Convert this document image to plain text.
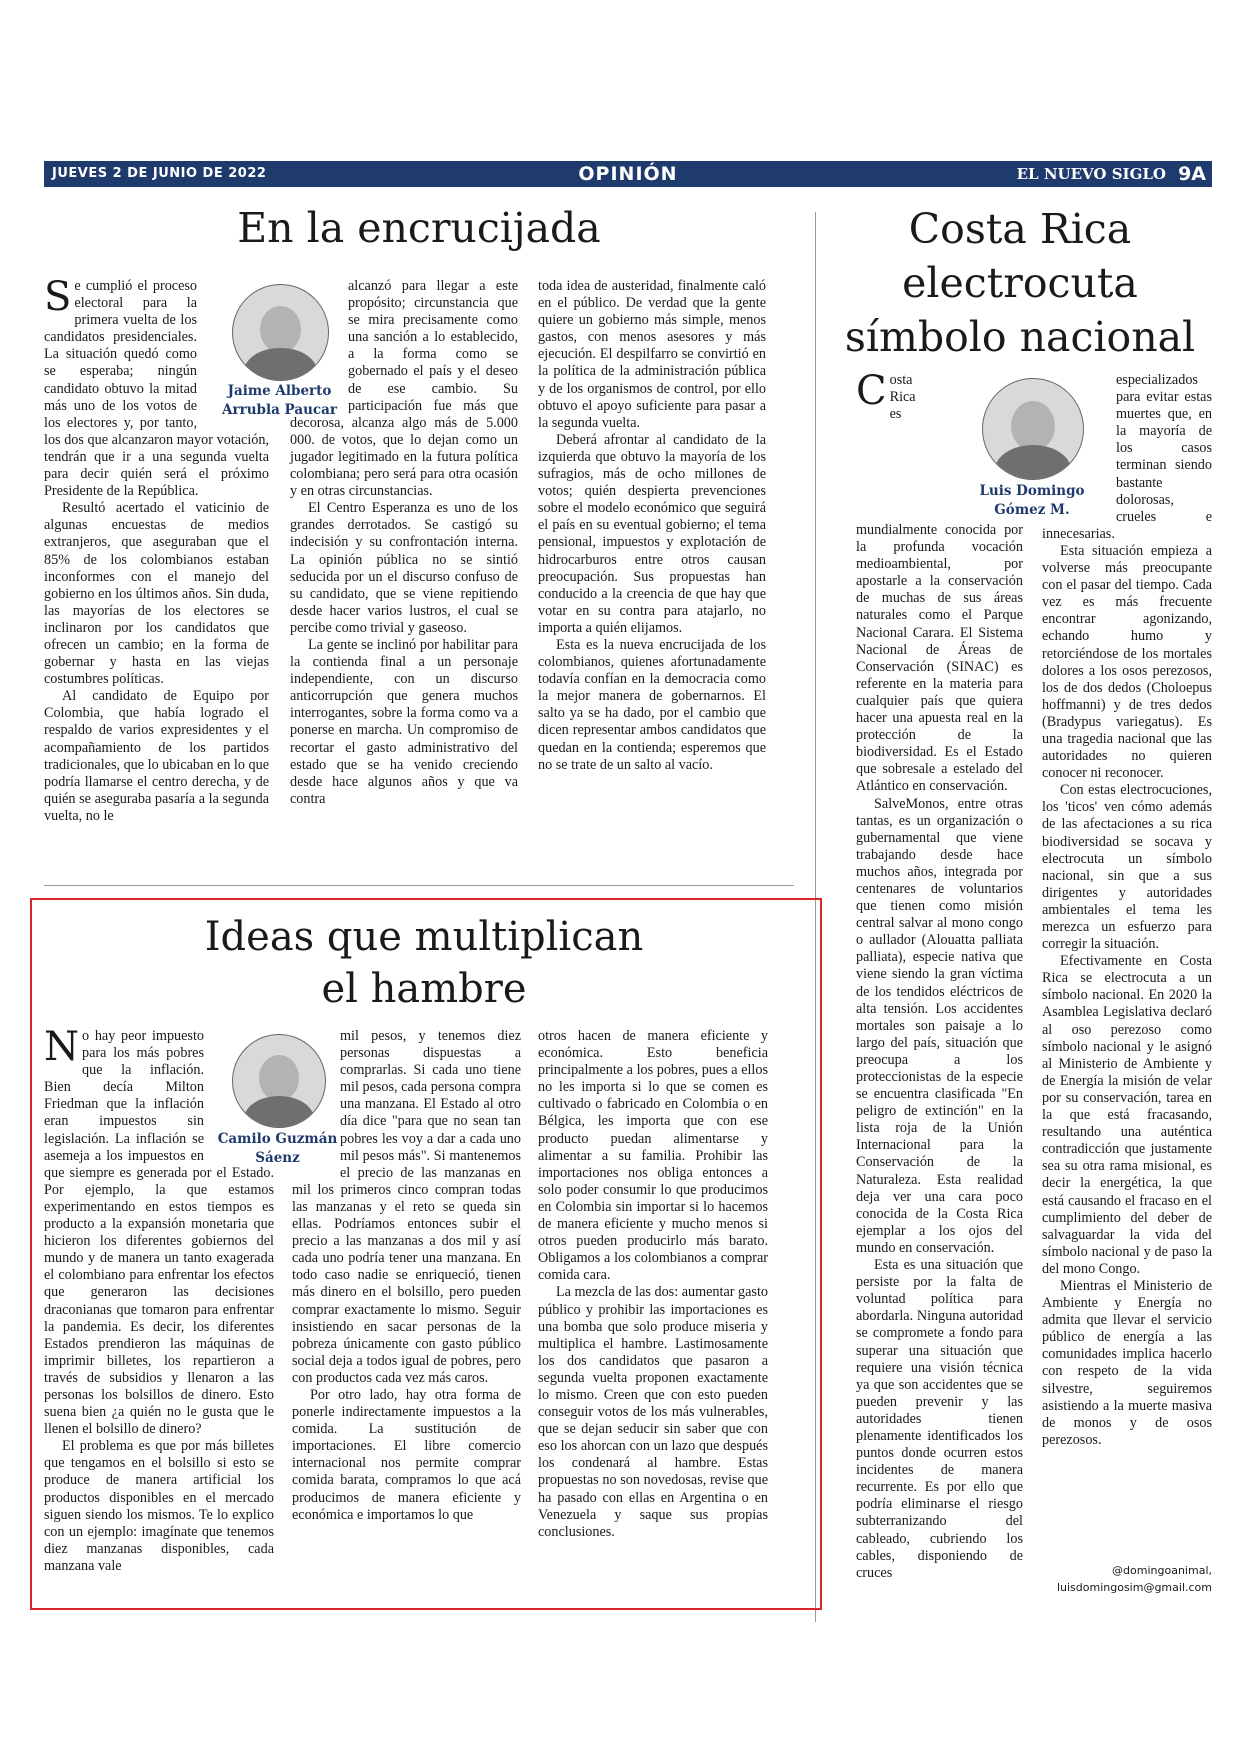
JUEVES 2 DE JUNIO DE 2022	OPINIÓN	EL NUEVO SIGLO 9A
En la encrucijada

Se cumplió el proceso electoral para la primera vuelta de los candidatos presidenciales. La situación quedó como se esperaba; ningún candidato obtuvo la mitad más uno de los votos de los electores y, por tanto, los dos que alcanzaron mayor votación, tendrán que ir a una segunda vuelta para decir quién será el próximo Presidente de la República.

Resultó acertado el vaticinio de algunas encuestas de medios extranjeros, que aseguraban que el 85% de los colombianos estaban inconformes con el manejo del gobierno en los últimos años. Sin duda, las mayorías de los electores se inclinaron por los candidatos que ofrecen un cambio; en la forma de gobernar y hasta en las viejas costumbres políticas.

Al candidato de Equipo por Colombia, que había logrado el respaldo de varios expresidentes y el acompañamiento de los partidos tradicionales, que lo ubicaban en lo que podría llamarse el centro derecha, y de quién se aseguraba pasaría a la segunda vuelta, no le

Jaime Alberto Arrubla Paucar

alcanzó para llegar a este propósito; circunstancia que se mira precisamente como una sanción a lo establecido, a la forma como se gobernado el país y el deseo de ese cambio. Su participación fue más que decorosa, alcanza algo más de 5.000 000. de votos, que lo dejan como un jugador legitimado en la futura política colombiana; pero será para otra ocasión y en otras circunstancias.

El Centro Esperanza es uno de los grandes derrotados. Se castigó su indecisión y su confrontación interna. La opinión pública no se sintió seducida por un el discurso confuso de su candidato, que se viene repitiendo desde hacer varios lustros, el cual se percibe como trivial y gaseoso.

La gente se inclinó por habilitar para la contienda final a un personaje independiente, con un discurso anticorrupción que genera muchos interrogantes, sobre la forma como va a ponerse en marcha. Un compromiso de recortar el gasto administrativo del estado que se ha venido creciendo desde hace algunos años y que va contra

toda idea de austeridad, finalmente caló en el público. De verdad que la gente quiere un gobierno más simple, menos gastos, con menos asesores y más ejecución. El despilfarro se convirtió en la política de la administración pública y de los organismos de control, por ello obtuvo el apoyo suficiente para pasar a la segunda vuelta.

Deberá afrontar al candidato de la izquierda que obtuvo la mayoría de los sufragios, más de ocho millones de votos; quién despierta prevenciones sobre el modelo económico que seguirá el país en su eventual gobierno; el tema pensional, impuestos y explotación de hidrocarburos entre otros causan preocupación. Sus propuestas han conducido a la creencia de que hay que votar en su contra para atajarlo, no importa a quién elijamos.

Esta es la nueva encrucijada de los colombianos, quienes afortunadamente todavía confían en la democracia como la mejor manera de gobernarnos. El salto ya se ha dado, por el cambio que dicen representar ambos candidatos que quedan en la contienda; esperemos que no se trate de un salto al vacío.

Ideas que multiplican
el hambre

No hay peor impuesto para los más pobres que la inflación. Bien decía Milton Friedman que la inflación eran impuestos sin legislación. La inflación se asemeja a los impuestos en que siempre es generada por el Estado. Por ejemplo, la que estamos experimentando en estos tiempos es producto a la expansión monetaria que hicieron los diferentes gobiernos del mundo y de manera un tanto exagerada el colombiano para enfrentar los efectos que generaron las decisiones draconianas que tomaron para enfrentar la pandemia. Es decir, los diferentes Estados prendieron las máquinas de imprimir billetes, los repartieron a través de subsidios y llenaron a las personas los bolsillos de dinero. Esto suena bien ¿a quién no le gusta que le llenen el bolsillo de dinero?

El problema es que por más billetes que tengamos en el bolsillo si esto se produce de manera artificial los productos disponibles en el mercado siguen siendo los mismos. Te lo explico con un ejemplo: imagínate que tenemos diez manzanas disponibles, cada manzana vale

Camilo Guzmán Sáenz

mil pesos, y tenemos diez personas dispuestas a comprarlas. Si cada uno tiene mil pesos, cada persona compra una manzana. El Estado al otro día dice "para que no sean tan pobres les voy a dar a cada uno mil pesos más". Si mantenemos el precio de las manzanas en mil los primeros cinco compran todas las manzanas y el reto se queda sin ellas. Podríamos entonces subir el precio a las manzanas a dos mil y así cada uno podría tener una manzana. En todo caso nadie se enriqueció, tienen más dinero en el bolsillo, pero pueden comprar exactamente lo mismo. Seguir insistiendo en sacar personas de la pobreza únicamente con gasto público social deja a todos igual de pobres, pero con productos cada vez más caros.

Por otro lado, hay otra forma de ponerle indirectamente impuestos a la comida. La sustitución de importaciones. El libre comercio internacional nos permite comprar comida barata, compramos lo que acá producimos de manera eficiente y económica e importamos lo que

otros hacen de manera eficiente y económica. Esto beneficia principalmente a los pobres, pues a ellos no les importa si lo que se comen es cultivado o fabricado en Colombia o en Bélgica, les importa que con ese producto puedan alimentarse y alimentar a su familia. Prohibir las importaciones nos obliga entonces a solo poder consumir lo que producimos en Colombia sin importar si lo hacemos de manera eficiente y mucho menos si otros pueden producirlo más barato. Obligamos a los colombianos a comprar comida cara.

La mezcla de las dos: aumentar gasto público y prohibir las importaciones es una bomba que solo produce miseria y multiplica el hambre. Lastimosamente los dos candidatos que pasaron a segunda vuelta proponen exactamente lo mismo. Creen que con esto pueden conseguir votos de los más vulnerables, que se dejan seducir sin saber que con eso los ahorcan con un lazo que después los condenará al hambre. Estas propuestas no son novedosas, revise que ha pasado con ellas en Argentina o en Venezuela y saque sus propias conclusiones.

Costa Rica
electrocuta
símbolo nacional

Costa Rica es mundialmente conocida por la profunda vocación medioambiental, por apostarle a la conservación de muchas de sus áreas naturales como el Parque Nacional Carara. El Sistema Nacional de Áreas de Conservación (SINAC) es referente en la materia para cualquier país que quiera hacer una apuesta real en la protección de la biodiversidad. Es el Estado que sobresale a estelado del Atlántico en conservación.

SalveMonos, entre otras tantas, es un organización o gubernamental que viene trabajando desde hace muchos años, integrada por centenares de voluntarios que tienen como misión central salvar al mono congo o aullador (Alouatta palliata palliata), especie nativa que viene siendo la gran víctima de los tendidos eléctricos de alta tensión. Los accidentes mortales son paisaje a lo largo del país, situación que preocupa a los proteccionistas de la especie se encuentra clasificada "En peligro de extinción" en la lista roja de la Unión Internacional para la Conservación de la Naturaleza. Esta realidad deja ver una cara poco conocida de la Costa Rica ejemplar a los ojos del mundo en conservación.

Esta es una situación que persiste por la falta de voluntad política para abordarla. Ninguna autoridad se compromete a fondo para superar una situación que requiere una visión técnica ya que son accidentes que se pueden prevenir y las autoridades tienen plenamente identificados los puntos donde ocurren estos incidentes de manera recurrente. Es por ello que podría eliminarse el riesgo subterranizando del cableado, cubriendo los cables, disponiendo de cruces

Luis Domingo Gómez M.

especializados para evitar estas muertes que, en la mayoría de los casos terminan siendo bastante dolorosas, crueles e innecesarias.

Esta situación empieza a volverse más preocupante con el pasar del tiempo. Cada vez es más frecuente encontrar agonizando, echando humo y retorciéndose de los mortales dolores a los osos perezosos, los de dos dedos (Choloepus hoffmanni) y de tres dedos (Bradypus variegatus). Es una tragedia nacional que las autoridades no quieren conocer ni reconocer.

Con estas electrocuciones, los 'ticos' ven cómo además de las afectaciones a su rica biodiversidad se socava y electrocuta un símbolo nacional, sin que a sus dirigentes y autoridades ambientales el tema les merezca un esfuerzo para corregir la situación.

Efectivamente en Costa Rica se electrocuta a un símbolo nacional. En 2020 la Asamblea Legislativa declaró al oso perezoso como símbolo nacional y le asignó al Ministerio de Ambiente y de Energía la misión de velar por su conservación, tarea en la que está fracasando, resultando una auténtica contradicción que justamente sea su otra rama misional, es decir la energética, la que está causando el fracaso en el cumplimiento del deber de salvaguardar la vida del símbolo nacional y de paso la del mono Congo.

Mientras el Ministerio de Ambiente y Energía no admita que llevar el servicio público de energía a las comunidades implica hacerlo con respeto de la vida silvestre, seguiremos asistiendo a la muerte masiva de monos y de osos perezosos.

@domingoanimal,
luisdomingosim@gmail.com
